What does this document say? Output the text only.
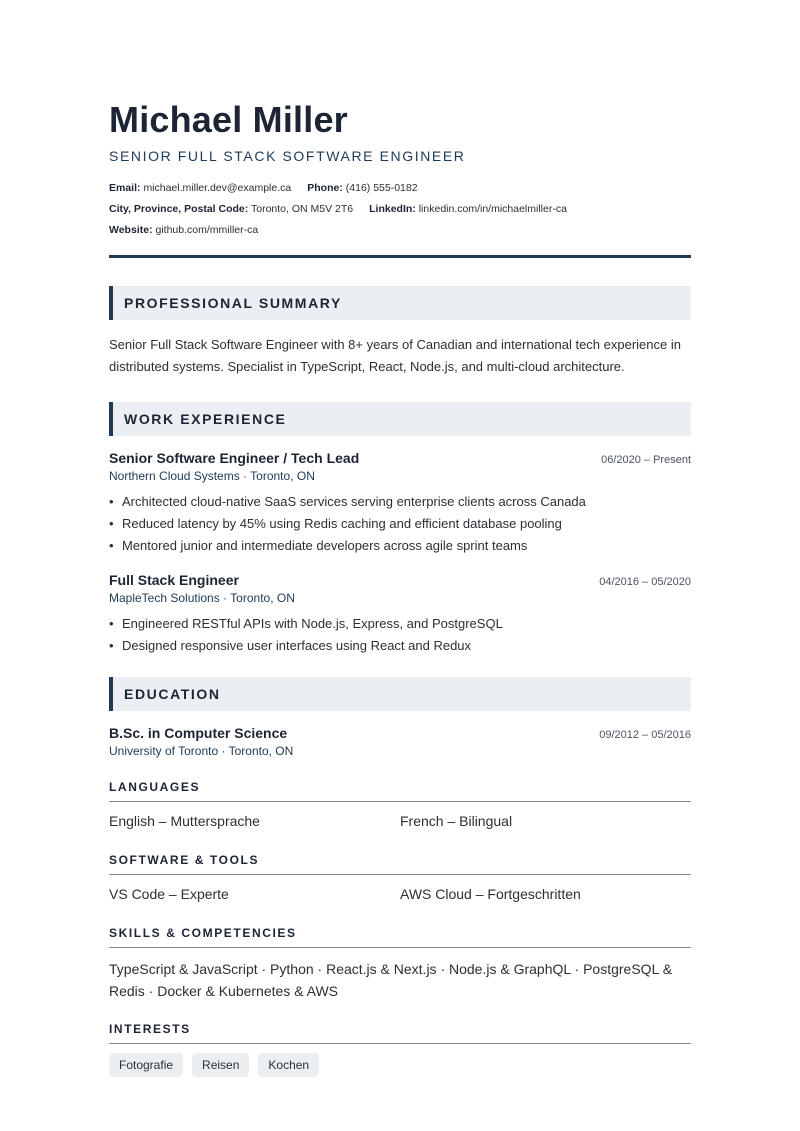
Michael Miller
SENIOR FULL STACK SOFTWARE ENGINEER
Email: michael.miller.dev@example.ca Phone: (416) 555-0182
City, Province, Postal Code: Toronto, ON M5V 2T6 LinkedIn: linkedin.com/in/michaelmiller-ca
Website: github.com/mmiller-ca
PROFESSIONAL SUMMARY

Senior Full Stack Software Engineer with 8+ years of Canadian and international tech experience in distributed systems. Specialist in TypeScript, React, Node.js, and multi-cloud architecture.

WORK EXPERIENCE
Senior Software Engineer / Tech Lead	06/2020 – Present
Northern Cloud Systems · Toronto, ON
• Architected cloud-native SaaS services serving enterprise clients across Canada
• Reduced latency by 45% using Redis caching and efficient database pooling
• Mentored junior and intermediate developers across agile sprint teams
Full Stack Engineer	04/2016 – 05/2020
MapleTech Solutions · Toronto, ON
• Engineered RESTful APIs with Node.js, Express, and PostgreSQL
• Designed responsive user interfaces using React and Redux
EDUCATION
B.Sc. in Computer Science	09/2012 – 05/2016
University of Toronto · Toronto, ON
LANGUAGES
English – Muttersprache	French – Bilingual
SOFTWARE & TOOLS
VS Code – Experte	AWS Cloud – Fortgeschritten
SKILLS & COMPETENCIES

TypeScript & JavaScript · Python · React.js & Next.js · Node.js & GraphQL · PostgreSQL & Redis · Docker & Kubernetes & AWS

INTERESTS
Fotografie	Reisen	Kochen
